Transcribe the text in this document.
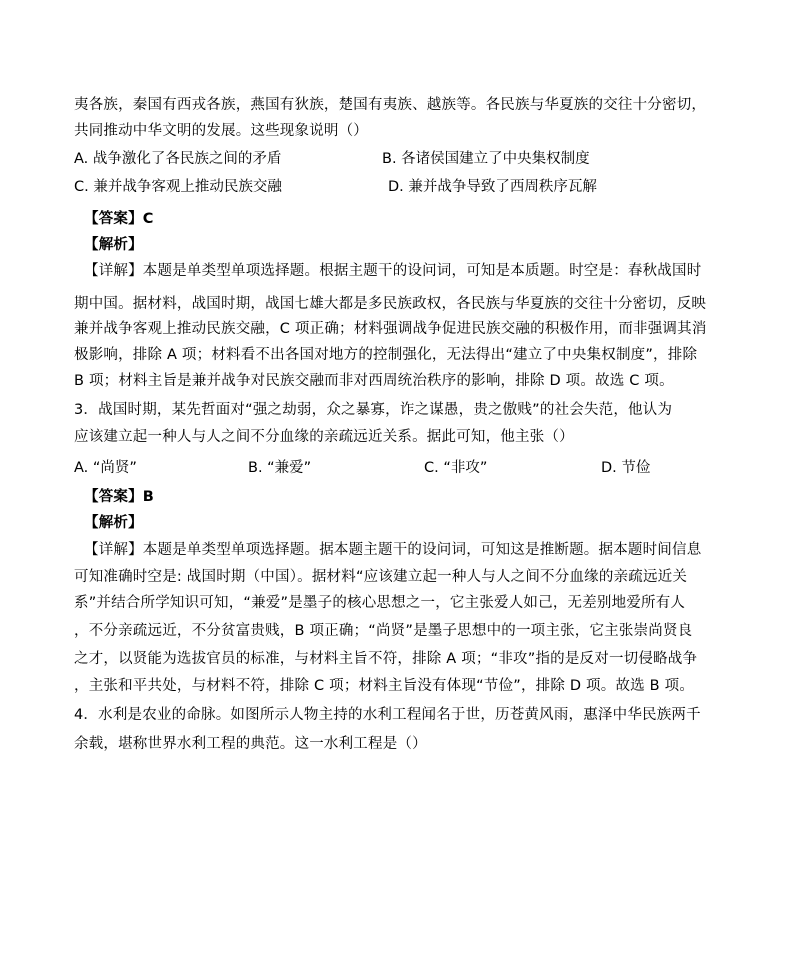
夷各族，秦国有西戎各族，燕国有狄族，楚国有夷族、越族等。各民族与华夏族的交往十分密切，
共同推动中华文明的发展。这些现象说明（）
A. 战争激化了各民族之间的矛盾	B. 各诸侯国建立了中央集权制度
C. 兼并战争客观上推动民族交融	D. 兼并战争导致了西周秩序瓦解
【答案】C
【解析】
【详解】本题是单类型单项选择题。根据主题干的设问词，可知是本质题。时空是：春秋战国时
期中国。据材料，战国时期，战国七雄大都是多民族政权，各民族与华夏族的交往十分密切，反映
兼并战争客观上推动民族交融，C 项正确；材料强调战争促进民族交融的积极作用，而非强调其消
极影响，排除 A 项；材料看不出各国对地方的控制强化，无法得出“建立了中央集权制度”，排除
B 项；材料主旨是兼并战争对民族交融而非对西周统治秩序的影响，排除 D 项。故选 C 项。
3．战国时期，某先哲面对“强之劫弱，众之暴寡，诈之谋愚，贵之傲贱”的社会失范，他认为
应该建立起一种人与人之间不分血缘的亲疏远近关系。据此可知，他主张（）
A. “尚贤”	B. “兼爱”	C. “非攻”	D. 节俭
【答案】B
【解析】
【详解】本题是单类型单项选择题。据本题主题干的设问词，可知这是推断题。据本题时间信息
可知准确时空是: 战国时期（中国）。据材料“应该建立起一种人与人之间不分血缘的亲疏远近关
系”并结合所学知识可知，“兼爱”是墨子的核心思想之一，它主张爱人如己，无差别地爱所有人
，不分亲疏远近，不分贫富贵贱，B 项正确；“尚贤”是墨子思想中的一项主张，它主张崇尚贤良
之才，以贤能为选拔官员的标准，与材料主旨不符，排除 A 项；“非攻”指的是反对一切侵略战争
，主张和平共处，与材料不符，排除 C 项；材料主旨没有体现“节俭”，排除 D 项。故选 B 项。
4．水利是农业的命脉。如图所示人物主持的水利工程闻名于世，历苍黄风雨，惠泽中华民族两千
余载，堪称世界水利工程的典范。这一水利工程是（）
